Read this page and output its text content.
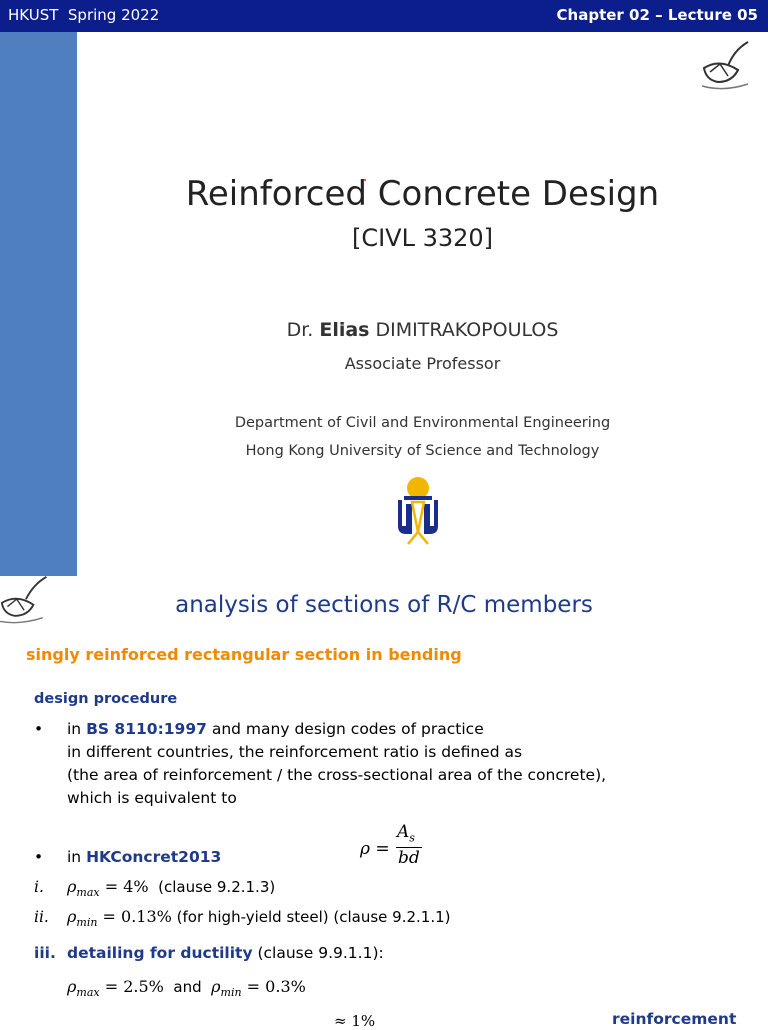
HKUST  Spring 2022	Chapter 02 – Lecture 05
Reinforced Concrete Design
[CIVL 3320]
Dr. Elias DIMITRAKOPOULOS
Associate Professor
Department of Civil and Environmental Engineering
Hong Kong University of Science and Technology
analysis of sections of R/C members
singly reinforced rectangular section in bending
design procedure
• in BS 8110:1997 and many design codes of practice
in different countries, the reinforcement ratio is defined as
(the area of reinforcement / the cross-sectional area of the concrete),
which is equivalent to
ρ =
$A_s$
bd
• in HKConcret2013
i. $\rho_{max} = 4\%$  (clause 9.2.1.3)
ii. $\rho_{min} = 0.13\%$ (for high-yield steel) (clause 9.2.1.1)
iii. detailing for ductility (clause 9.9.1.1):
$\rho_{max} = 2.5\%$  and  $\rho_{min} = 0.3\%$
≈ 1%	reinforcement
